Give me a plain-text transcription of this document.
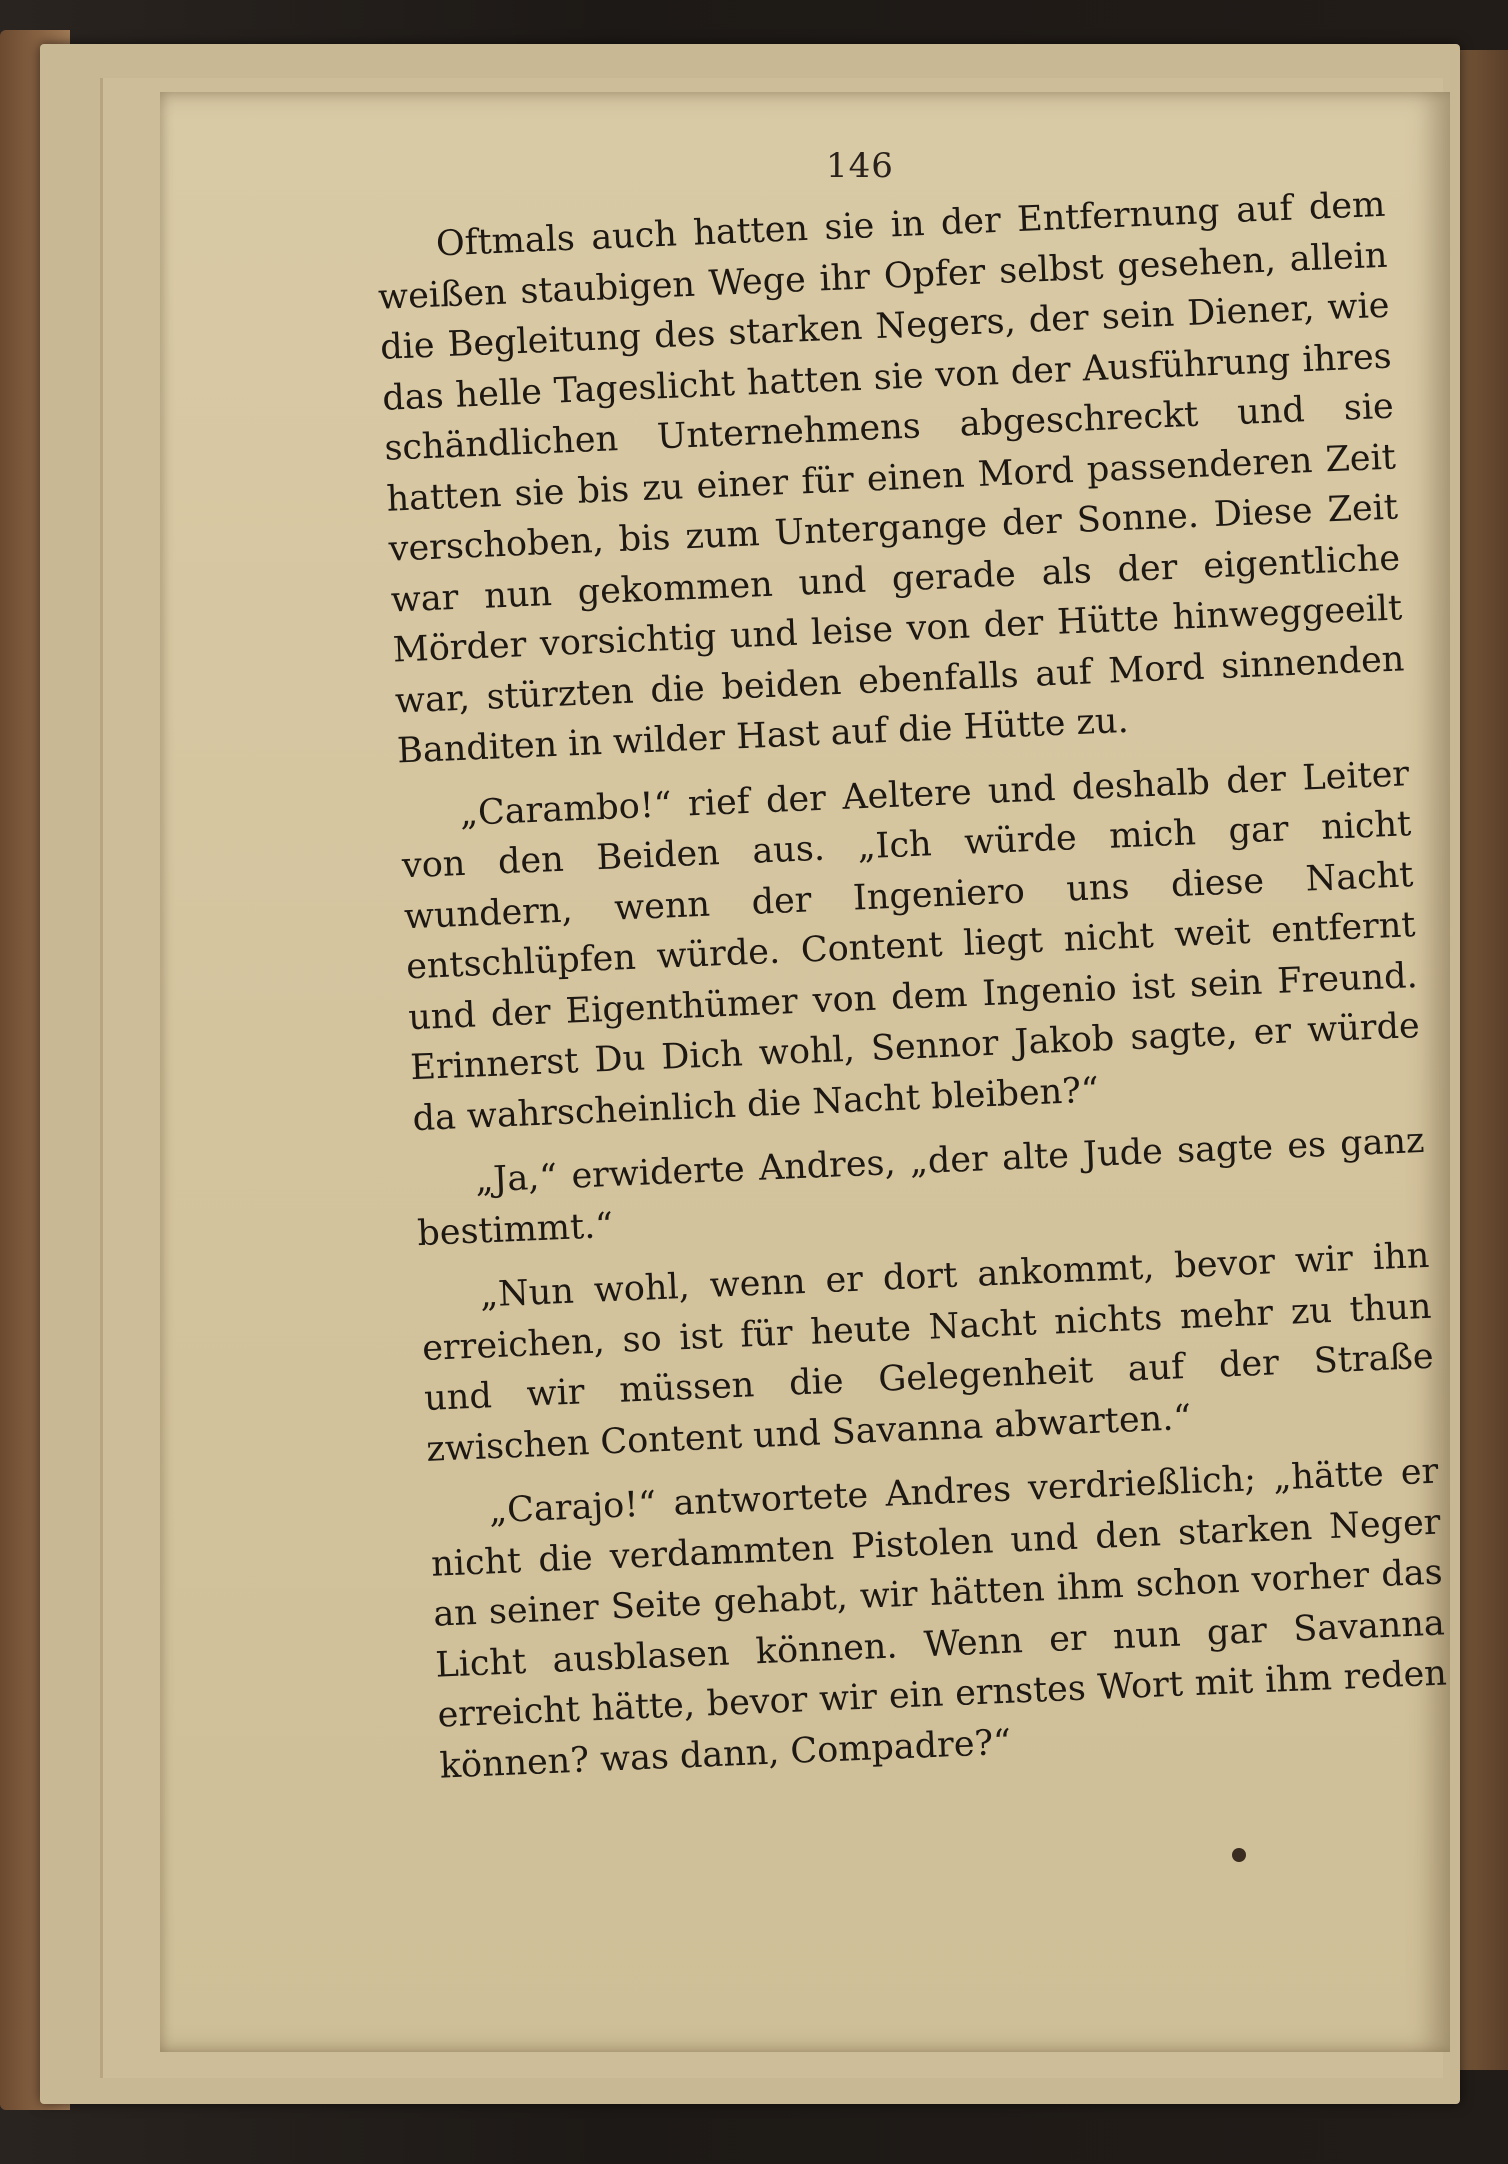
146

Oftmals auch hatten sie in der Entfernung auf dem weißen staubigen Wege ihr Opfer selbst gesehen, allein die Begleitung des starken Negers, der sein Diener, wie das helle Tageslicht hatten sie von der Ausführung ihres schändlichen Unternehmens abgeschreckt und sie hatten sie bis zu einer für einen Mord passenderen Zeit verschoben, bis zum Untergange der Sonne. Diese Zeit war nun gekommen und gerade als der eigentliche Mörder vorsichtig und leise von der Hütte hinweggeeilt war, stürzten die beiden ebenfalls auf Mord sinnenden Banditen in wilder Hast auf die Hütte zu.

„Carambo!“ rief der Aeltere und deshalb der Leiter von den Beiden aus. „Ich würde mich gar nicht wundern, wenn der Ingeniero uns diese Nacht entschlüpfen würde. Content liegt nicht weit entfernt und der Eigenthümer von dem Ingenio ist sein Freund. Erinnerst Du Dich wohl, Sennor Jakob sagte, er würde da wahrscheinlich die Nacht bleiben?“

„Ja,“ erwiderte Andres, „der alte Jude sagte es ganz bestimmt.“

„Nun wohl, wenn er dort ankommt, bevor wir ihn erreichen, so ist für heute Nacht nichts mehr zu thun und wir müssen die Gelegenheit auf der Straße zwischen Content und Savanna abwarten.“

„Carajo!“ antwortete Andres verdrießlich; „hätte er nicht die verdammten Pistolen und den starken Neger an seiner Seite gehabt, wir hätten ihm schon vorher das Licht ausblasen können. Wenn er nun gar Savanna erreicht hätte, bevor wir ein ernstes Wort mit ihm reden können? was dann, Compadre?“
